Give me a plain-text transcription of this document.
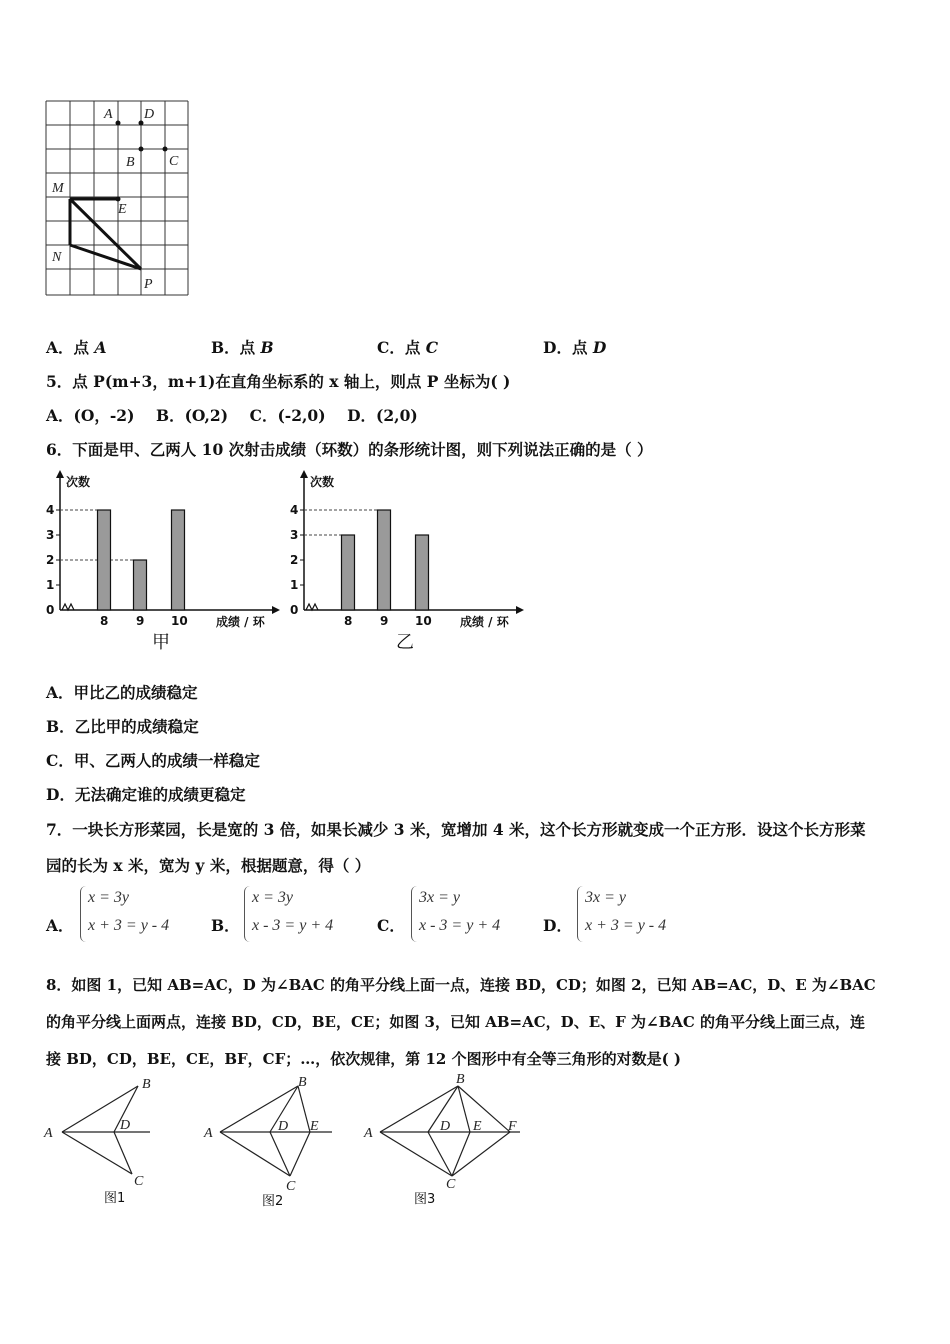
A D
B C
M
E
N
P
A．点 A	B．点 B	C．点 C	D．点 D
5．点 P(m+3，m+1)在直角坐标系的 x 轴上，则点 P 坐标为( )
A．(O，-2)    B．(O,2)    C．(-2,0)    D．(2,0)
6．下面是甲、乙两人 10 次射击成绩（环数）的条形统计图，则下列说法正确的是（ ）
次数
0
1
2
3
4
8 9 10 成绩 / 环
甲
次数
0
1
2
3
4
8 9 10 成绩 / 环
乙
A．甲比乙的成绩稳定
B．乙比甲的成绩稳定
C．甲、乙两人的成绩一样稳定
D．无法确定谁的成绩更稳定
7．一块长方形菜园，长是宽的 3 倍，如果长减少 3 米，宽增加 4 米，这个长方形就变成一个正方形．设这个长方形菜
园的长为 x 米，宽为 y 米，根据题意，得（ ）
A．
x = 3y
x + 3 = y - 4	B．
x = 3y
x - 3 = y + 4	C．
3x = y
x - 3 = y + 4	D．
3x = y
x + 3 = y - 4
8．如图 1，已知 AB=AC，D 为∠BAC 的角平分线上面一点，连接 BD，CD；如图 2，已知 AB=AC，D、E 为∠BAC
的角平分线上面两点，连接 BD，CD，BE，CE；如图 3，已知 AB=AC，D、E、F 为∠BAC 的角平分线上面三点，连
接 BD，CD，BE，CE，BF，CF；…，依次规律，第 12 个图形中有全等三角形的对数是( )
A
B
D
C
图1
A
B
D E
C
图2
A
B
D E F
C
图3
